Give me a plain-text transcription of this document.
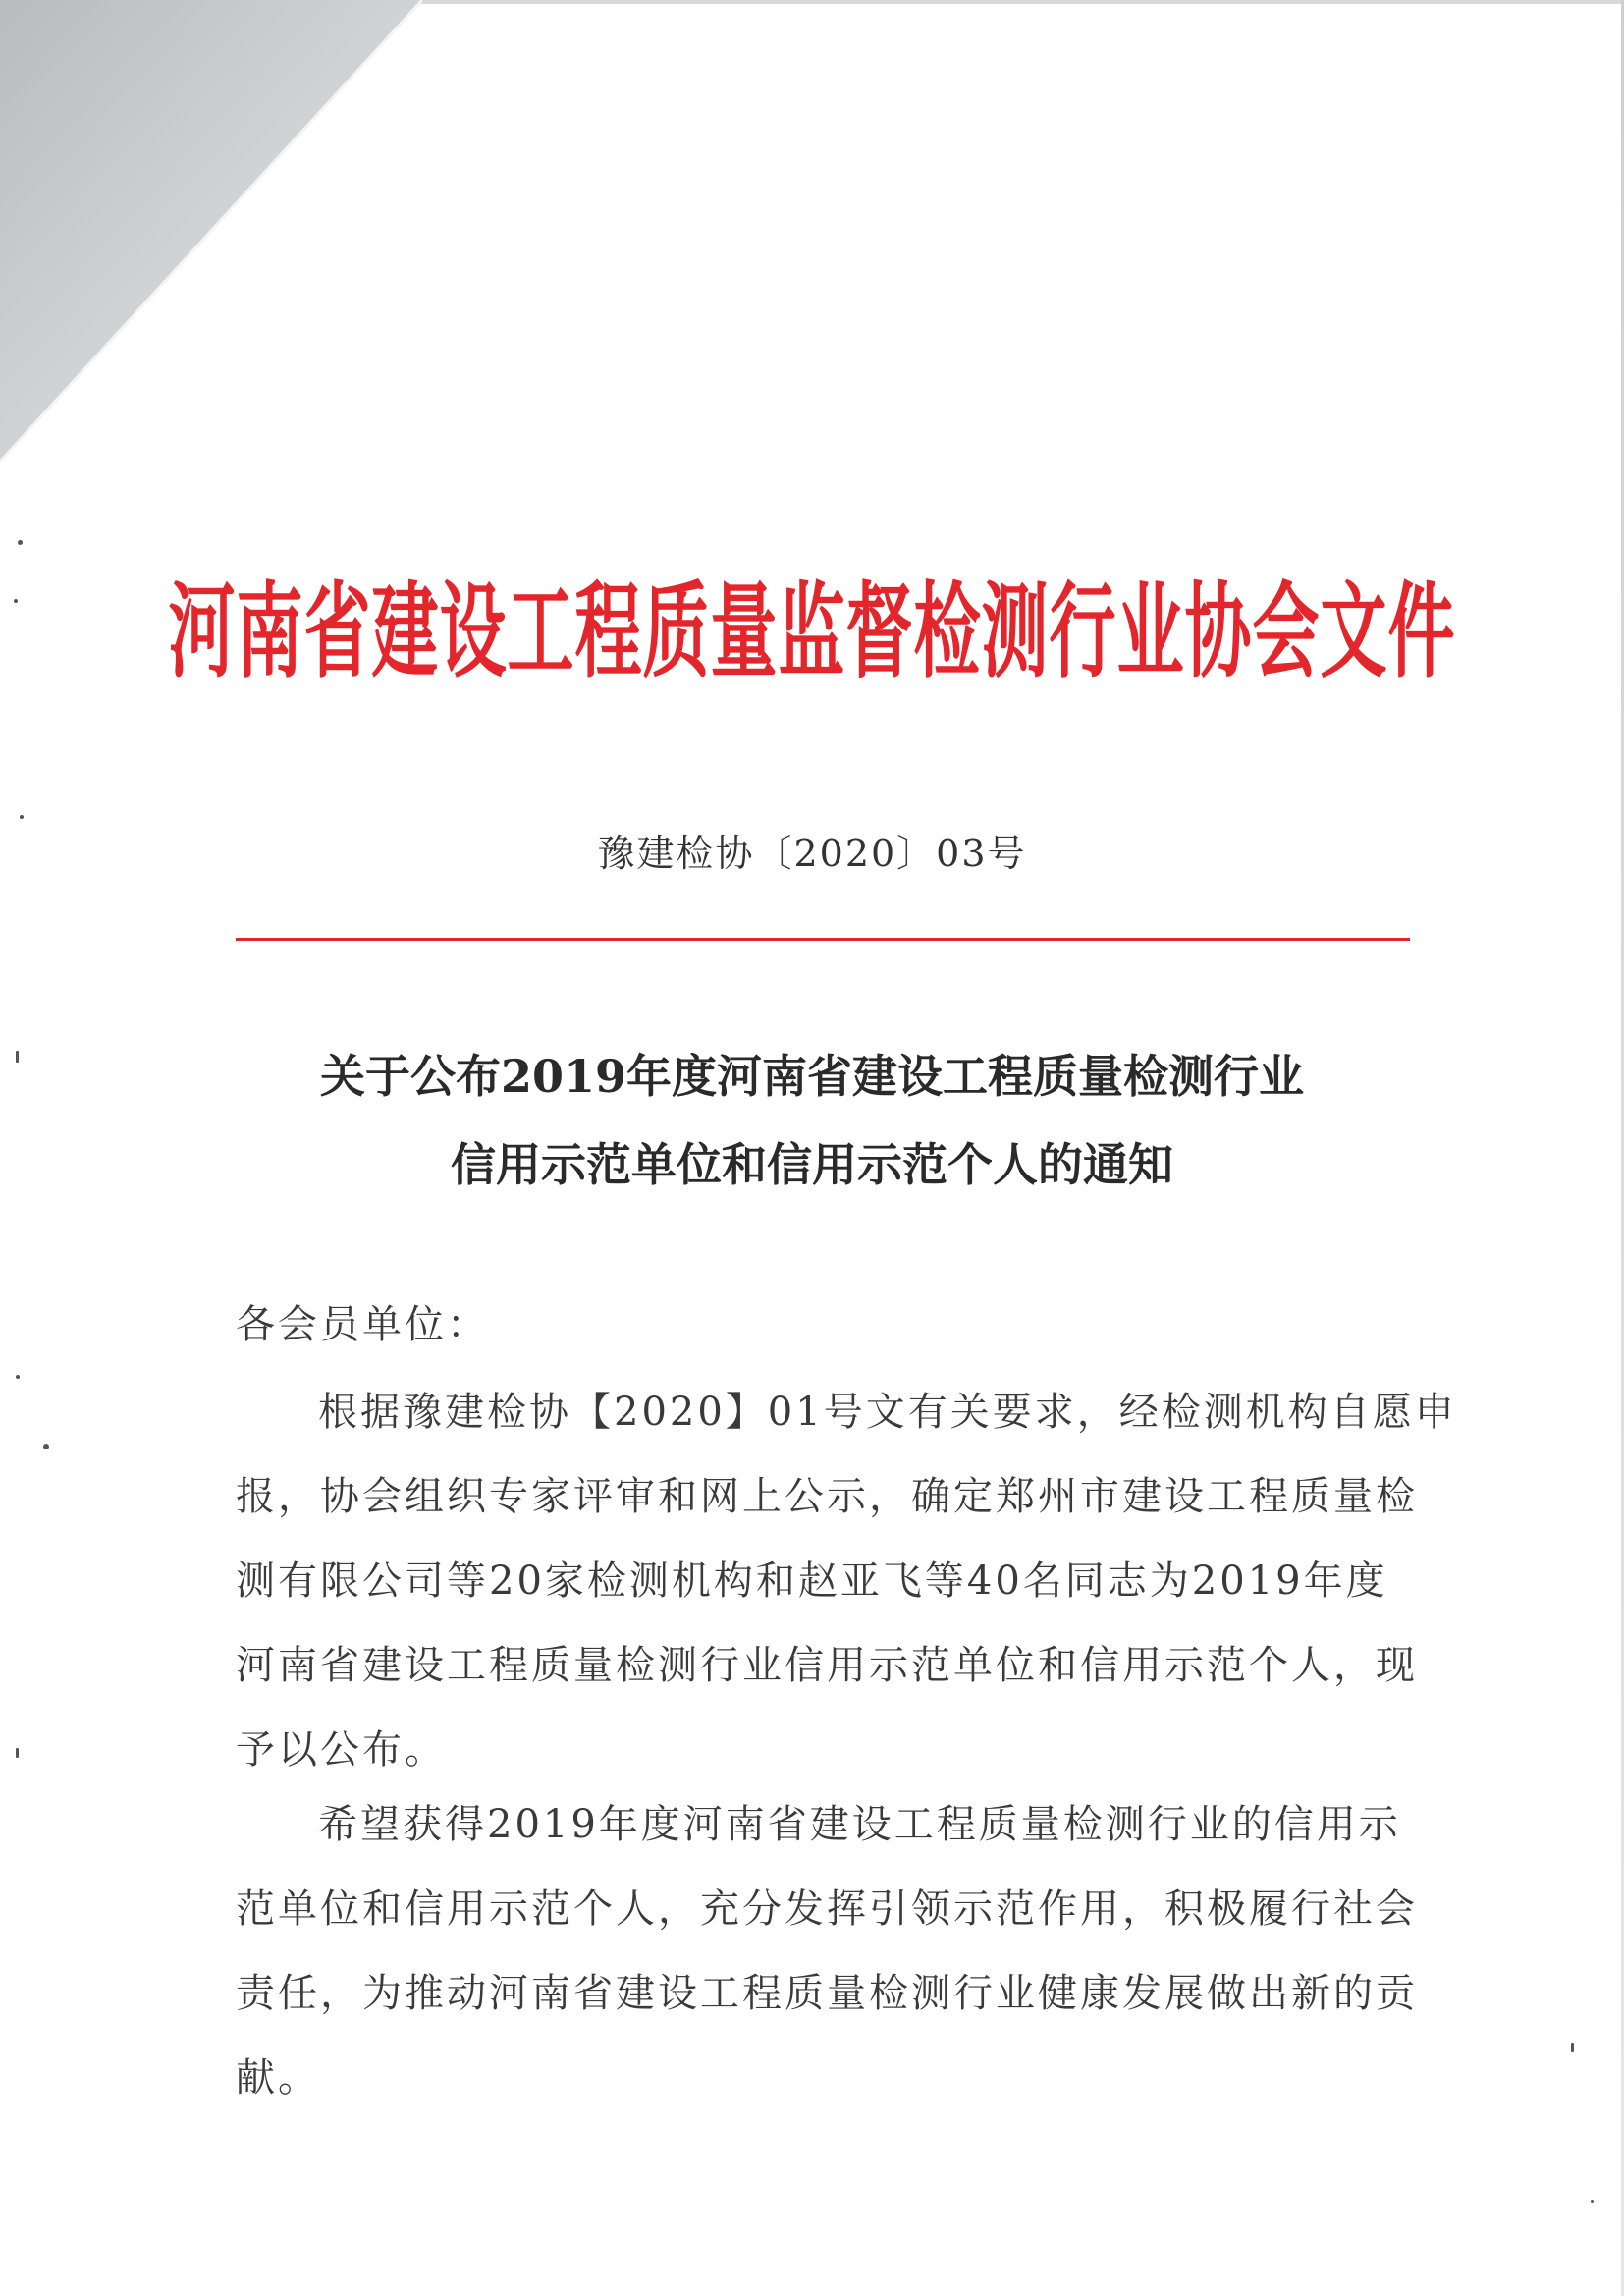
河南省建设工程质量监督检测行业协会文件
豫建检协〔2020〕03号
关于公布2019年度河南省建设工程质量检测行业
信用示范单位和信用示范个人的通知
各会员单位：
根据豫建检协【2020】01号文有关要求，经检测机构自愿申
报，协会组织专家评审和网上公示，确定郑州市建设工程质量检
测有限公司等20家检测机构和赵亚飞等40名同志为2019年度
河南省建设工程质量检测行业信用示范单位和信用示范个人，现
予以公布。
希望获得2019年度河南省建设工程质量检测行业的信用示
范单位和信用示范个人，充分发挥引领示范作用，积极履行社会
责任，为推动河南省建设工程质量检测行业健康发展做出新的贡
献。
